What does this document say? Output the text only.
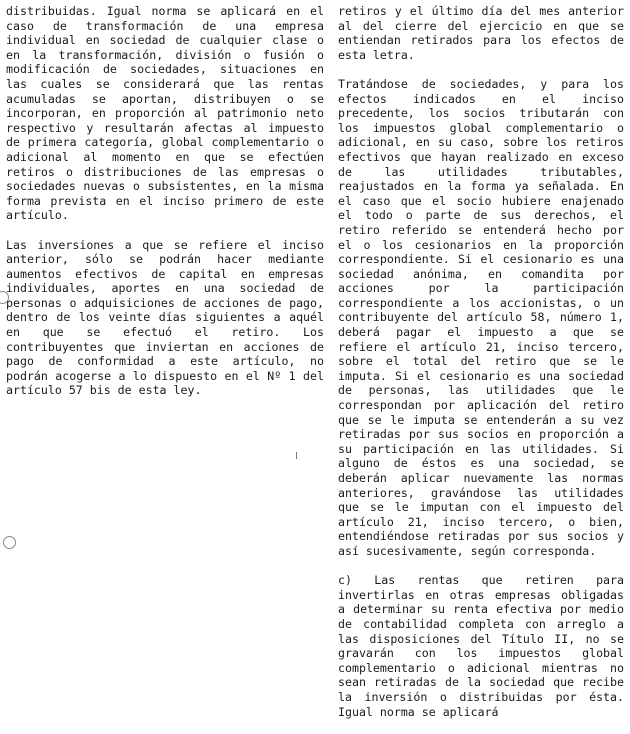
distribuidas. Igual norma se aplicará en el caso de transformación de una empresa individual en sociedad de cualquier clase o en la transformación, división o fusión o modificación de sociedades, situaciones en las cuales se considerará que las rentas acumuladas se aportan, distribuyen o se incorporan, en proporción al patrimonio neto respectivo y resultarán afectas al impuesto de primera categoría, global complementario o adicional al momento en que se efectúen retiros o distribuciones de las empresas o sociedades nuevas o subsistentes, en la misma forma prevista en el inciso primero de este artículo.

Las inversiones a que se refiere el inciso anterior, sólo se podrán hacer mediante aumentos efectivos de capital en empresas individuales, aportes en una sociedad de personas o adquisiciones de acciones de pago, dentro de los veinte días siguientes a aquél en que se efectuó el retiro. Los contribuyentes que inviertan en acciones de pago de conformidad a este artículo, no podrán acogerse a lo dispuesto en el Nº 1 del artículo 57 bis de esta ley.

retiros y el último día del mes anterior al del cierre del ejercicio en que se entiendan retirados para los efectos de esta letra.

Tratándose de sociedades, y para los efectos indicados en el inciso precedente, los socios tributarán con los impuestos global complementario o adicional, en su caso, sobre los retiros efectivos que hayan realizado en exceso de las utilidades tributables, reajustados en la forma ya señalada. En el caso que el socio hubiere enajenado el todo o parte de sus derechos, el retiro referido se entenderá hecho por el o los cesionarios en la proporción correspondiente. Si el cesionario es una sociedad anónima, en comandita por acciones por la participación correspondiente a los accionistas, o un contribuyente del artículo 58, número 1, deberá pagar el impuesto a que se refiere el artículo 21, inciso tercero, sobre el total del retiro que se le imputa. Si el cesionario es una sociedad de personas, las utilidades que le correspondan por aplicación del retiro que se le imputa se entenderán a su vez retiradas por sus socios en proporción a su participación en las utilidades. Si alguno de éstos es una sociedad, se deberán aplicar nuevamente las normas anteriores, gravándose las utilidades que se le imputan con el impuesto del artículo 21, inciso tercero, o bien, entendiéndose retiradas por sus socios y así sucesivamente, según corresponda.

c) Las rentas que retiren para invertirlas en otras empresas obligadas a determinar su renta efectiva por medio de contabilidad completa con arreglo a las disposiciones del Título II, no se gravarán con los impuestos global complementario o adicional mientras no sean retiradas de la sociedad que recibe la inversión o distribuidas por ésta. Igual norma se aplicará
